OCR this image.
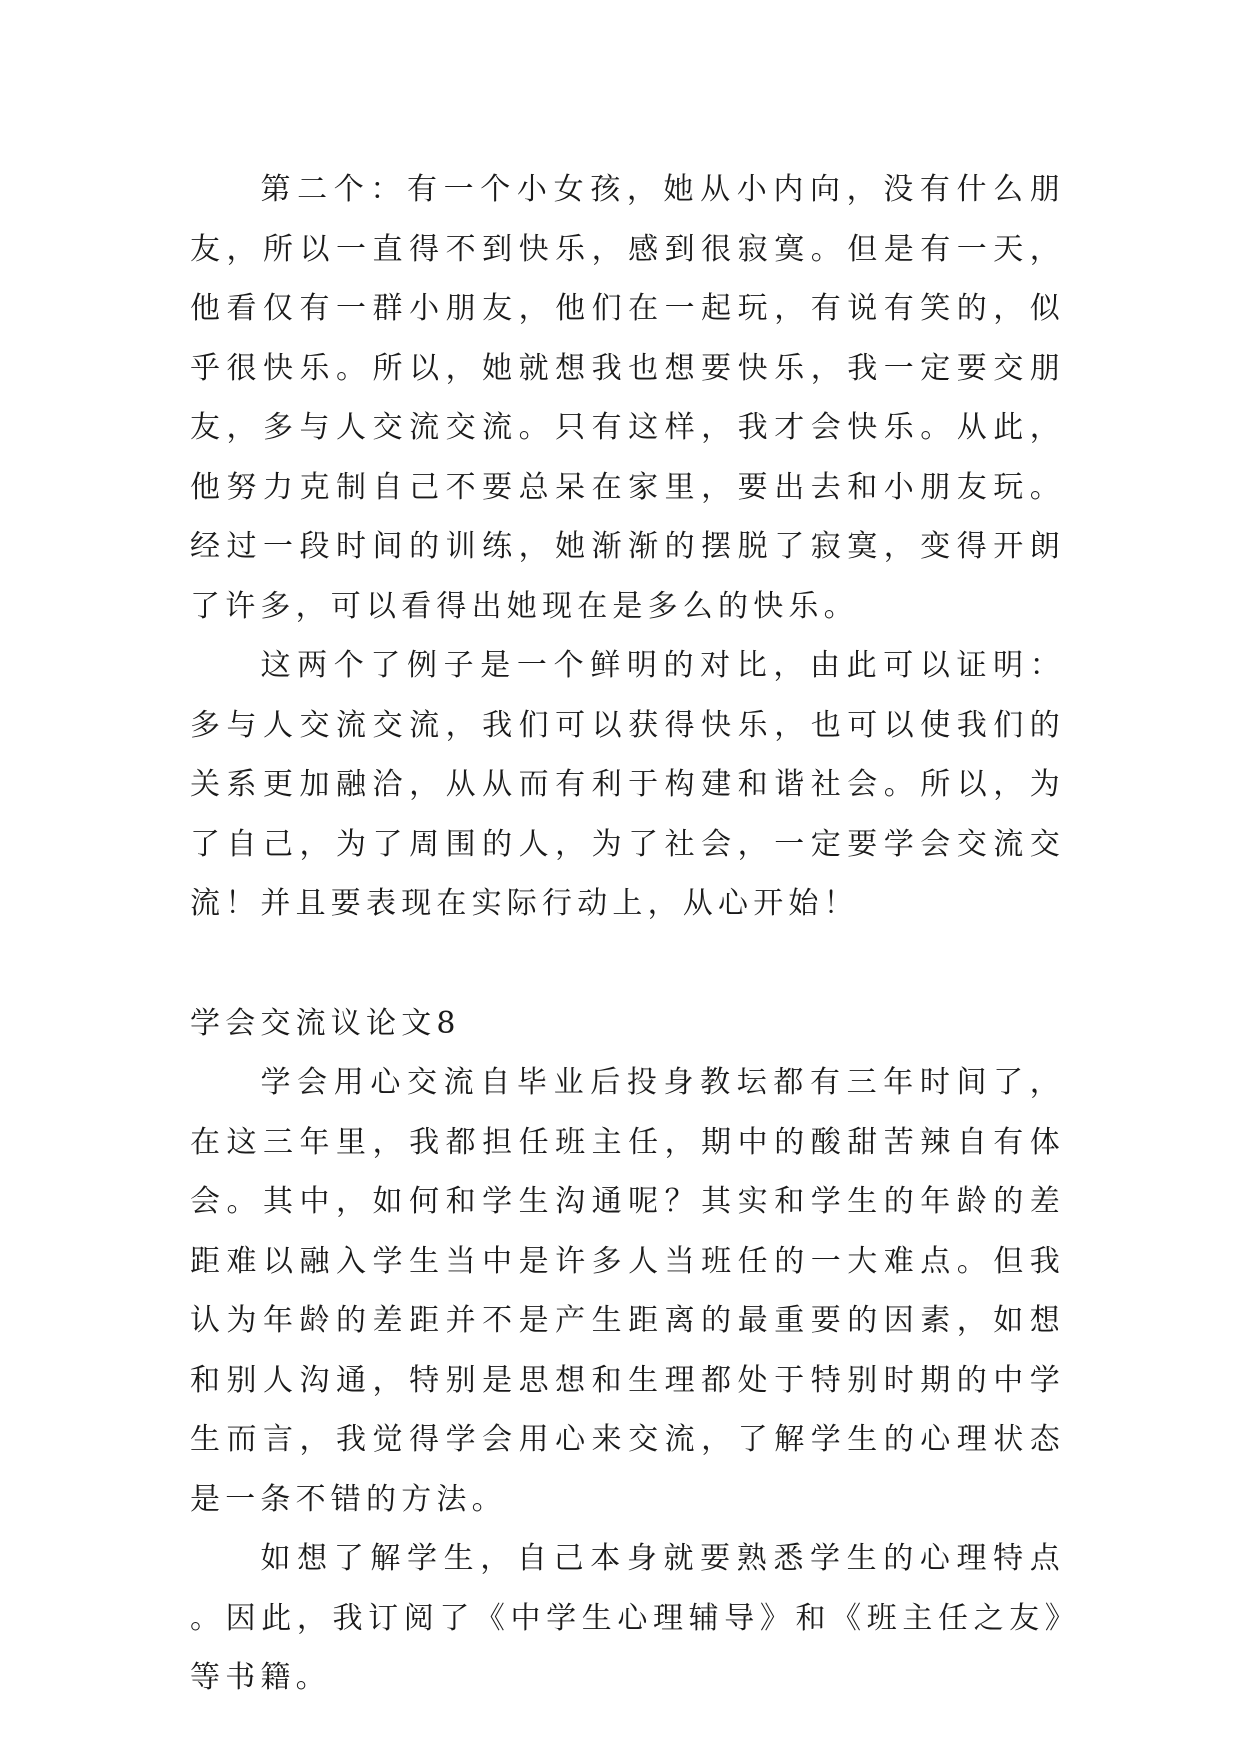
第二个：有一个小女孩，她从小内向，没有什么朋友，所以一直得不到快乐，感到很寂寞。但是有一天，他看仅有一群小朋友，他们在一起玩，有说有笑的，似乎很快乐。所以，她就想我也想要快乐，我一定要交朋友，多与人交流交流。只有这样，我才会快乐。从此，他努力克制自己不要总呆在家里，要出去和小朋友玩。经过一段时间的训练，她渐渐的摆脱了寂寞，变得开朗了许多，可以看得出她现在是多么的快乐。

这两个了例子是一个鲜明的对比，由此可以证明：多与人交流交流，我们可以获得快乐，也可以使我们的关系更加融洽，从从而有利于构建和谐社会。所以，为了自己，为了周围的人，为了社会，一定要学会交流交流！并且要表现在实际行动上，从心开始！

学会交流议论文8

学会用心交流自毕业后投身教坛都有三年时间了，在这三年里，我都担任班主任，期中的酸甜苦辣自有体会。其中，如何和学生沟通呢？其实和学生的年龄的差距难以融入学生当中是许多人当班任的一大难点。但我认为年龄的差距并不是产生距离的最重要的因素，如想和别人沟通，特别是思想和生理都处于特别时期的中学生而言，我觉得学会用心来交流，了解学生的心理状态是一条不错的方法。

如想了解学生，自己本身就要熟悉学生的心理特点。因此，我订阅了《中学生心理辅导》和《班主任之友》等书籍。
